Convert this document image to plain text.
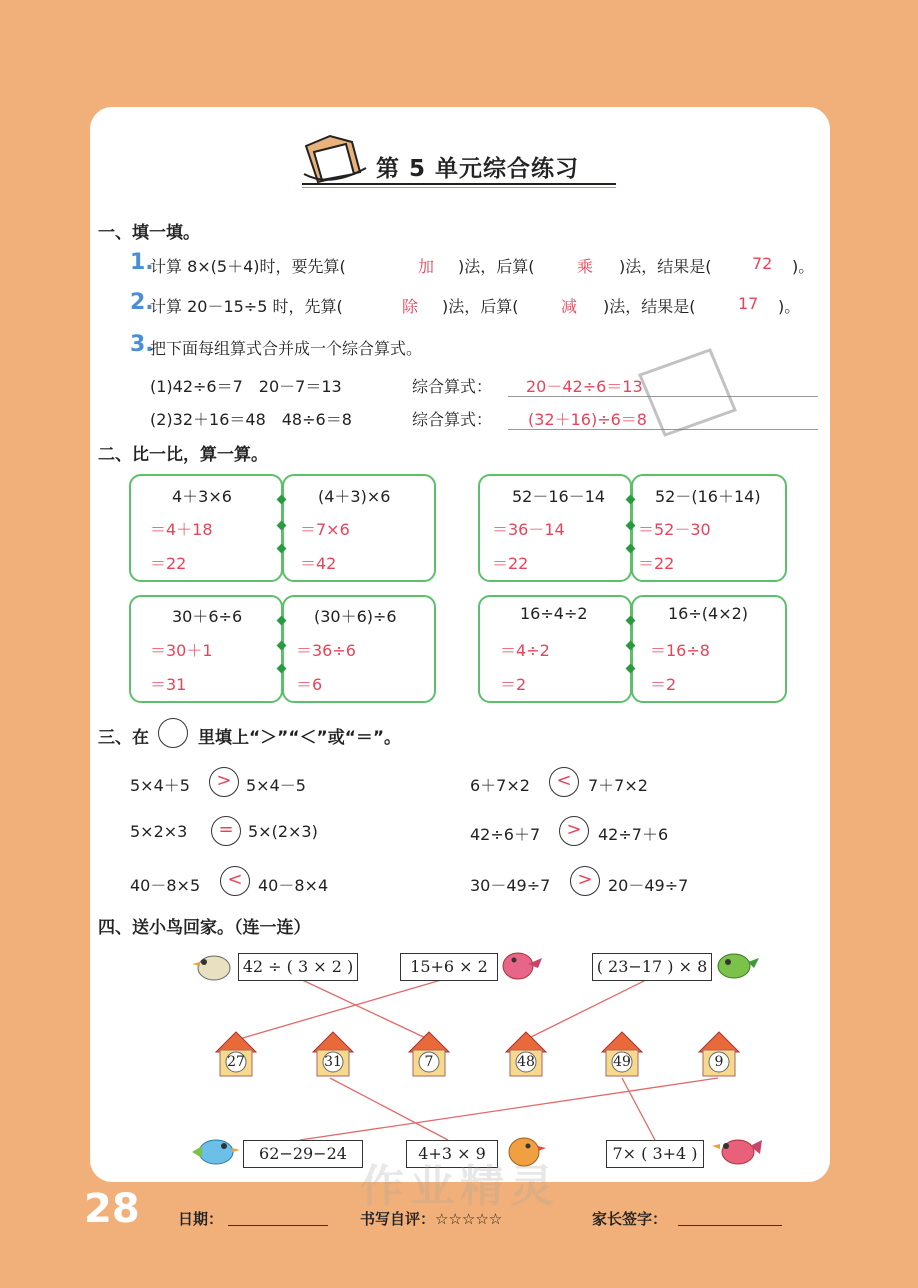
第 5 单元综合练习
一、填一填。
1.
计算 8×(5＋4)时，要先算(	加 )法，后算(	乘 )法，结果是(	72 )。
2.
计算 20－15÷5 时，先算(	除 )法，后算(	减 )法，结果是(	17 )。
3.
把下面每组算式合并成一个综合算式。
(1)42÷6＝7　20－7＝13	综合算式： 20－42÷6＝13
(2)32＋16＝48　48÷6＝8	综合算式： (32＋16)÷6＝8
二、比一比，算一算。
4＋3×6
＝4＋18
＝22
(4＋3)×6
＝7×6
＝42
52－16－14
＝36－14
＝22
52－(16＋14)
＝52－30
＝22
30＋6÷6
＝30＋1
＝31
(30＋6)÷6
＝36÷6
＝6
16÷4÷2
＝4÷2
＝2
16÷(4×2)
＝16÷8
＝2
三、在	里填上“＞”“＜”或“＝”。
5×4＋5	> 5×4－5	6＋7×2	<	7＋7×2
5×2×3	= 5×(2×3)	42÷6＋7	>	42÷7＋6
40－8×5	< 40－8×4	30－49÷7	> 20－49÷7
四、送小鸟回家。（连一连）
42 ÷ ( 3 × 2 )	15+6 × 2	( 23−17 ) × 8
27	31	7	48	49	9
62−29−24	4+3 × 9	7× ( 3+4 )
作业精灵
28	日期：	书写自评：☆☆☆☆☆	家长签字：
